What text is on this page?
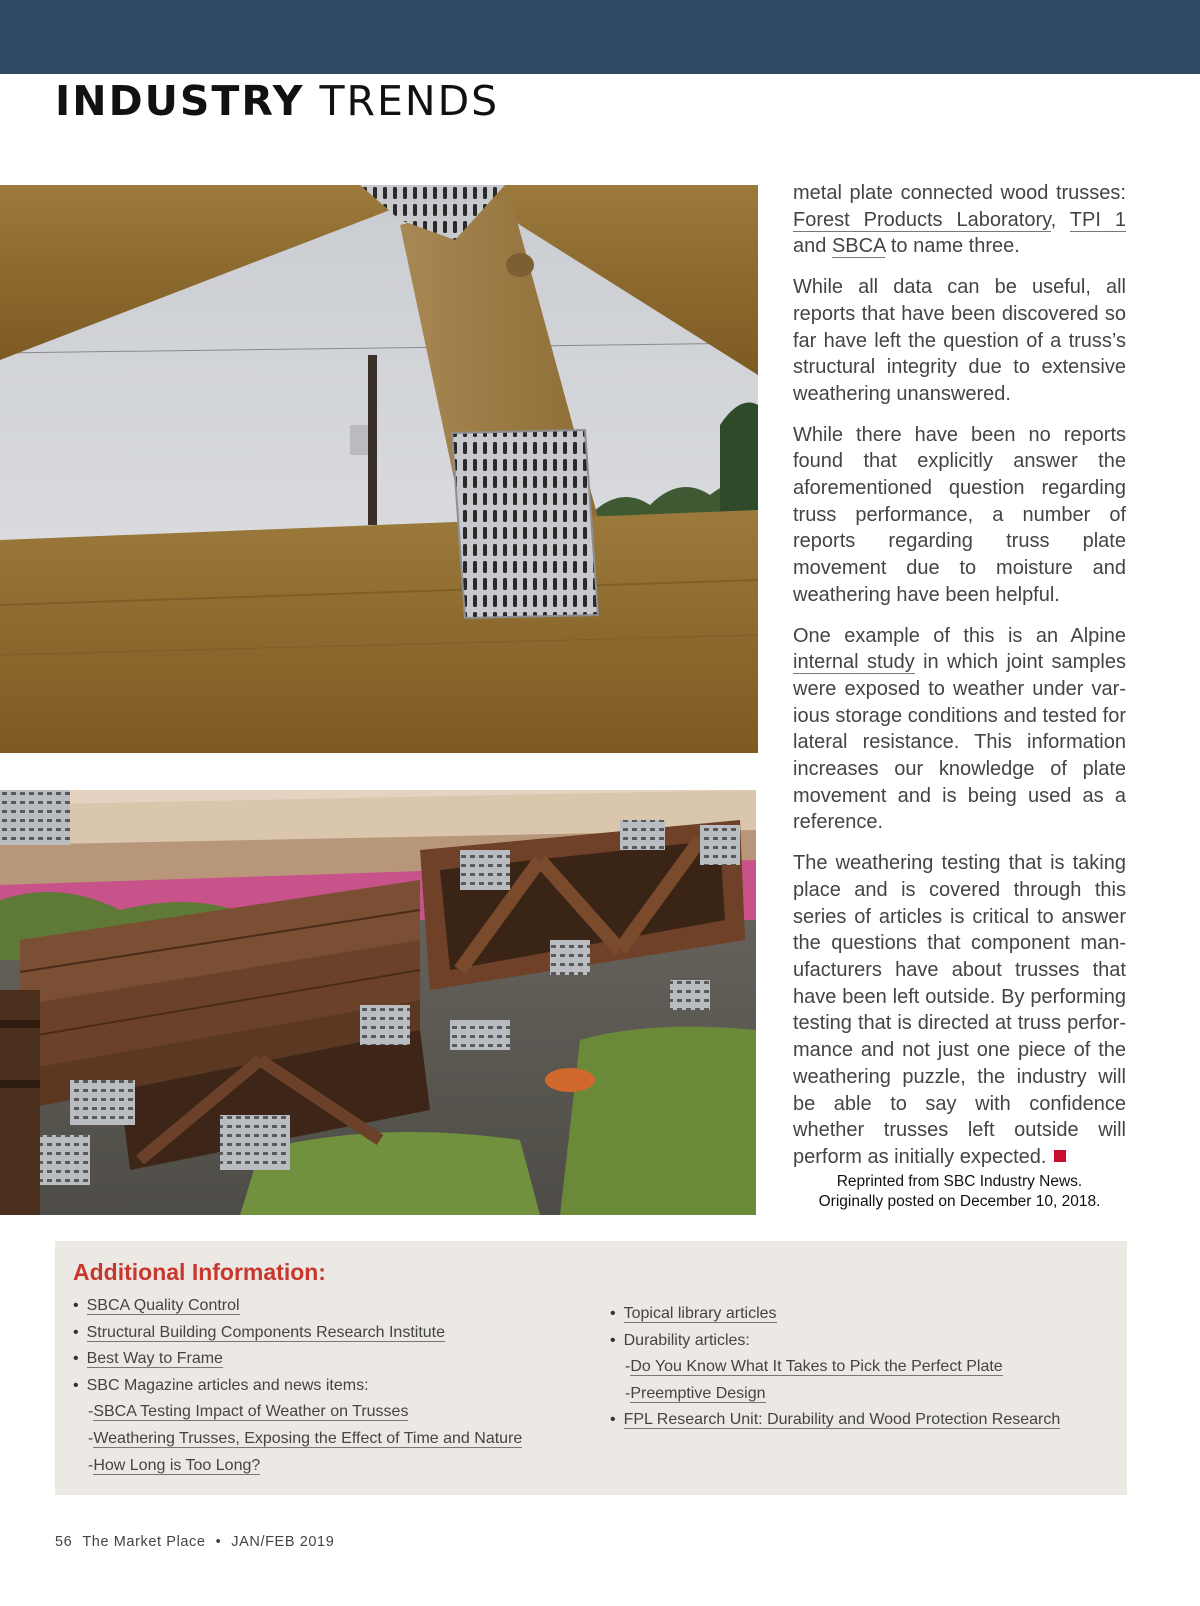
INDUSTRY TRENDS

metal plate connected wood trusses: Forest Products Laboratory, TPI 1 and SBCA to name three.

While all data can be useful, all reports that have been discovered so far have left the question of a truss’s structural integrity due to extensive weathering unanswered.

While there have been no reports found that explicitly answer the aforementioned question regarding truss performance, a number of reports regarding truss plate movement due to moisture and weathering have been helpful.

One example of this is an Alpine internal study in which joint samples were exposed to weather under various storage conditions and tested for lateral resistance. This information increases our knowledge of plate movement and is being used as a reference.

The weathering testing that is taking place and is covered through this series of articles is critical to answer the questions that component manufacturers have about trusses that have been left outside. By performing testing that is directed at truss performance and not just one piece of the weathering puzzle, the industry will be able to say with confidence whether trusses left outside will perform as initially expected.

Reprinted from SBC Industry News.
Originally posted on December 10, 2018.
Additional Information:
• SBCA Quality Control
• Structural Building Components Research Institute
• Best Way to Frame
• SBC Magazine articles and news items:
-SBCA Testing Impact of Weather on Trusses
-Weathering Trusses, Exposing the Effect of Time and Nature
-How Long is Too Long?
• Topical library articles
• Durability articles:
-Do You Know What It Takes to Pick the Perfect Plate
-Preemptive Design
• FPL Research Unit: Durability and Wood Protection Research
56 The Market Place • JAN/FEB 2019
